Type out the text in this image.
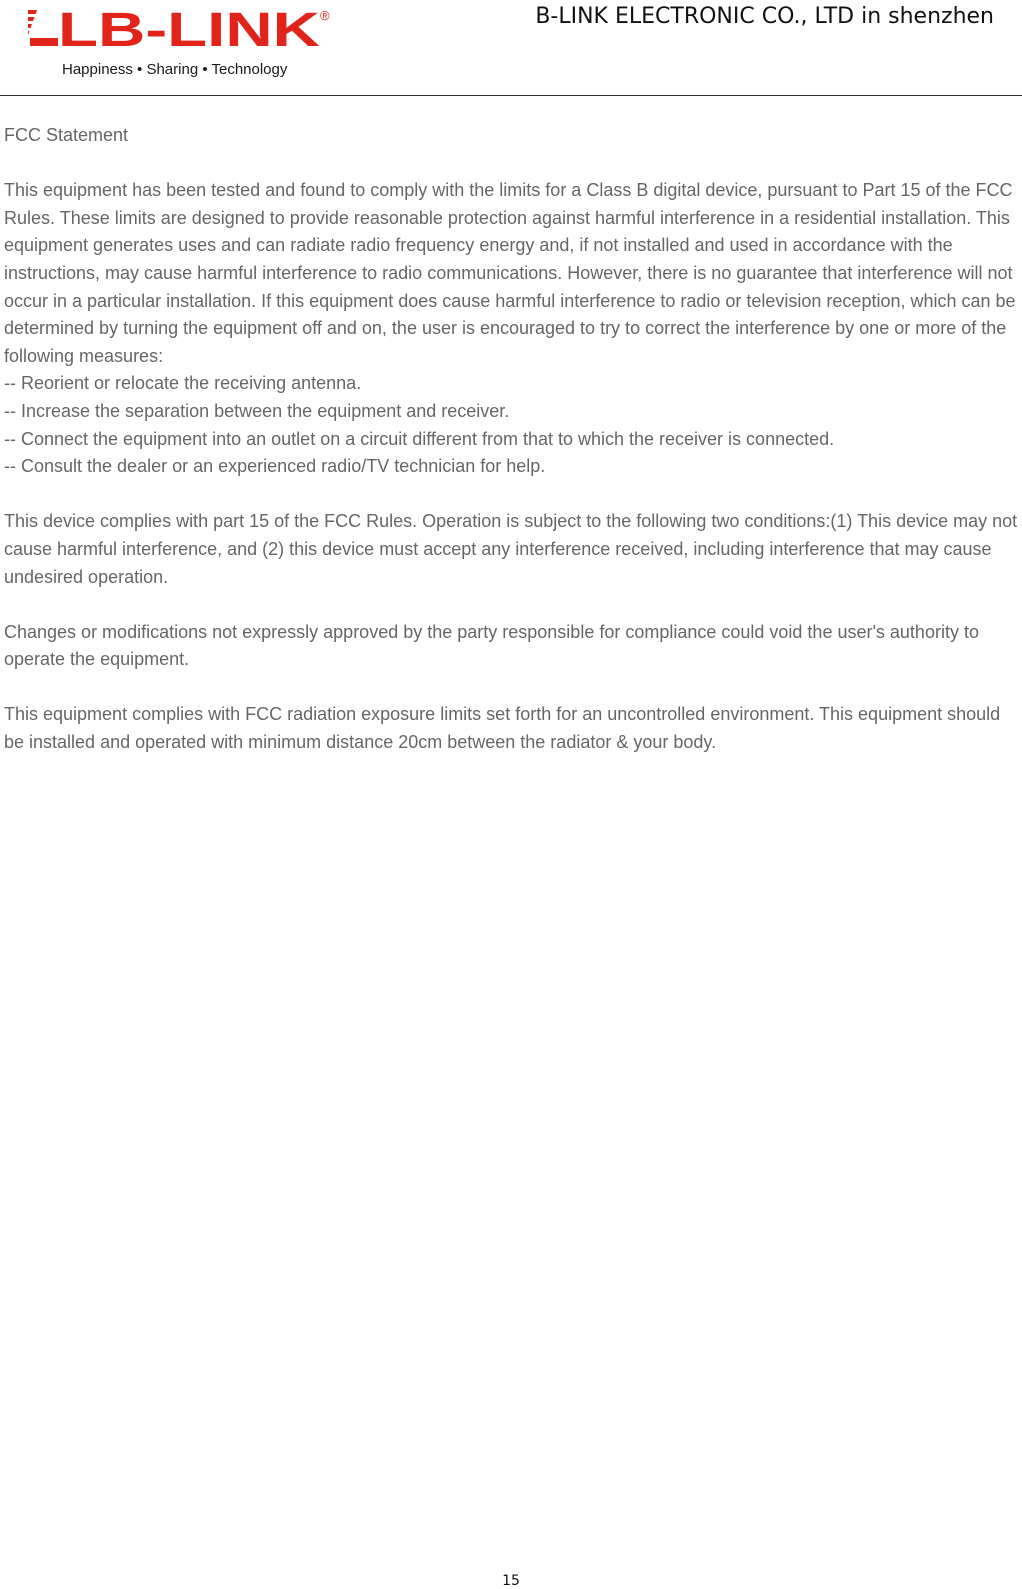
LB-LINK ®
Happiness • Sharing • Technology
B-LINK ELECTRONIC CO., LTD in shenzhen

FCC Statement

This equipment has been tested and found to comply with the limits for a Class B digital device, pursuant to Part 15 of the FCC Rules. These limits are designed to provide reasonable protection against harmful interference in a residential installation. This equipment generates uses and can radiate radio frequency energy and, if not installed and used in accordance with the instructions, may cause harmful interference to radio communications. However, there is no guarantee that interference will not occur in a particular installation. If this equipment does cause harmful interference to radio or television reception, which can be determined by turning the equipment off and on, the user is encouraged to try to correct the interference by one or more of the following measures:
-- Reorient or relocate the receiving antenna.
-- Increase the separation between the equipment and receiver.
-- Connect the equipment into an outlet on a circuit different from that to which the receiver is connected.
-- Consult the dealer or an experienced radio/TV technician for help.

This device complies with part 15 of the FCC Rules. Operation is subject to the following two conditions:(1) This device may not cause harmful interference, and (2) this device must accept any interference received, including interference that may cause undesired operation.

Changes or modifications not expressly approved by the party responsible for compliance could void the user's authority to operate the equipment.

This equipment complies with FCC radiation exposure limits set forth for an uncontrolled environment. This equipment should be installed and operated with minimum distance 20cm between the radiator & your body.

15
